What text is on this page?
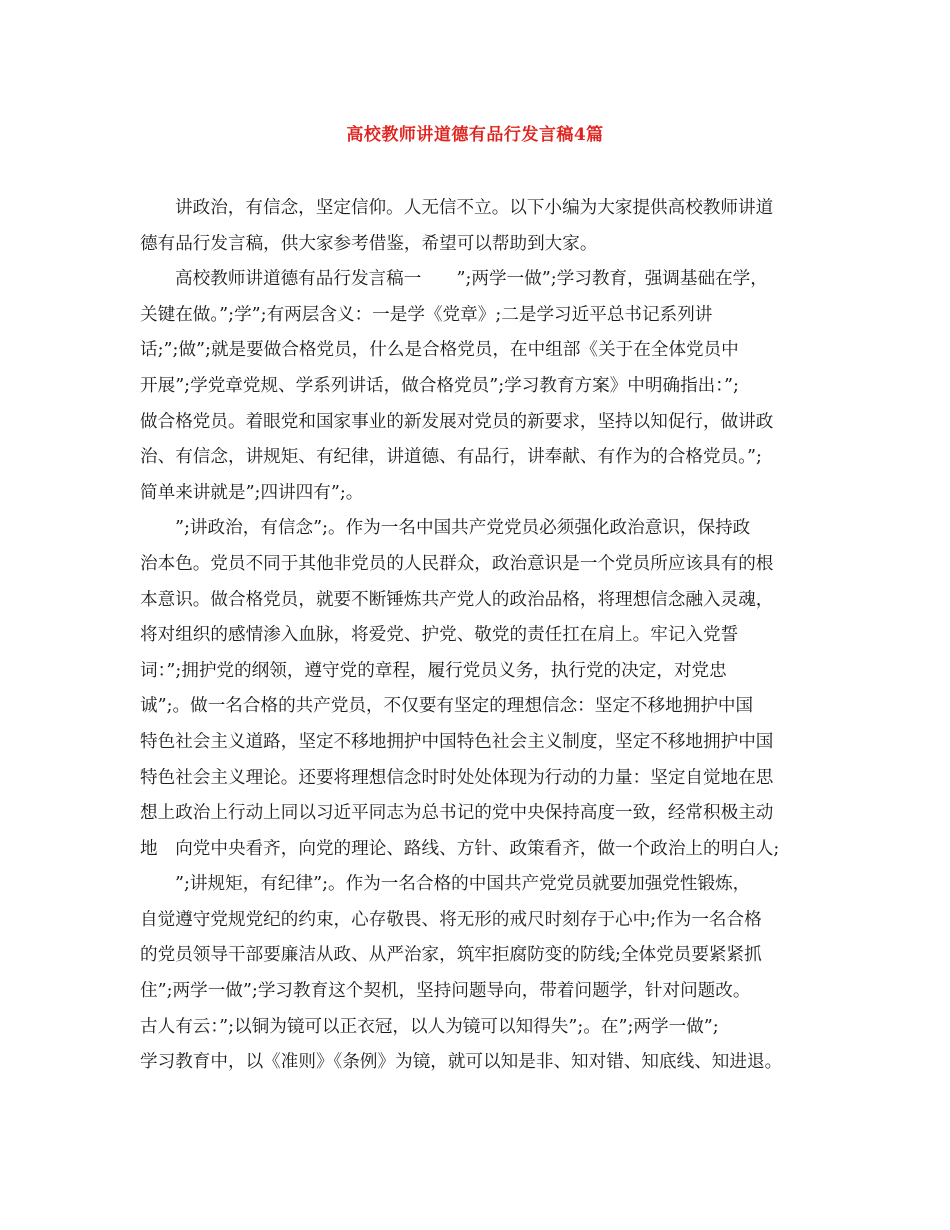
高校教师讲道德有品行发言稿4篇
讲政治，有信念，坚定信仰。人无信不立。以下小编为大家提供高校教师讲道
德有品行发言稿，供大家参考借鉴，希望可以帮助到大家。
高校教师讲道德有品行发言稿一　　”;两学一做”;学习教育，强调基础在学，
关键在做。”;学”;有两层含义：一是学《党章》;二是学习近平总书记系列讲
话;”;做”;就是要做合格党员，什么是合格党员，在中组部《关于在全体党员中
开展”;学党章党规、学系列讲话，做合格党员”;学习教育方案》中明确指出：”;
做合格党员。着眼党和国家事业的新发展对党员的新要求，坚持以知促行，做讲政
治、有信念，讲规矩、有纪律，讲道德、有品行，讲奉献、有作为的合格党员。”;
简单来讲就是”;四讲四有”;。
”;讲政治，有信念”;。作为一名中国共产党党员必须强化政治意识，保持政
治本色。党员不同于其他非党员的人民群众，政治意识是一个党员所应该具有的根
本意识。做合格党员，就要不断锤炼共产党人的政治品格，将理想信念融入灵魂，
将对组织的感情渗入血脉，将爱党、护党、敬党的责任扛在肩上。牢记入党誓
词：”;拥护党的纲领，遵守党的章程，履行党员义务，执行党的决定，对党忠
诚”;。做一名合格的共产党员，不仅要有坚定的理想信念：坚定不移地拥护中国
特色社会主义道路，坚定不移地拥护中国特色社会主义制度，坚定不移地拥护中国
特色社会主义理论。还要将理想信念时时处处体现为行动的力量：坚定自觉地在思
想上政治上行动上同以习近平同志为总书记的党中央保持高度一致，经常积极主动
地　向党中央看齐，向党的理论、路线、方针、政策看齐，做一个政治上的明白人;
”;讲规矩，有纪律”;。作为一名合格的中国共产党党员就要加强党性锻炼，
自觉遵守党规党纪的约束，心存敬畏、将无形的戒尺时刻存于心中;作为一名合格
的党员领导干部要廉洁从政、从严治家，筑牢拒腐防变的防线;全体党员要紧紧抓
住”;两学一做”;学习教育这个契机，坚持问题导向，带着问题学，针对问题改。
古人有云：”;以铜为镜可以正衣冠，以人为镜可以知得失”;。在”;两学一做”;
学习教育中，以《准则》《条例》为镜，就可以知是非、知对错、知底线、知进退。
